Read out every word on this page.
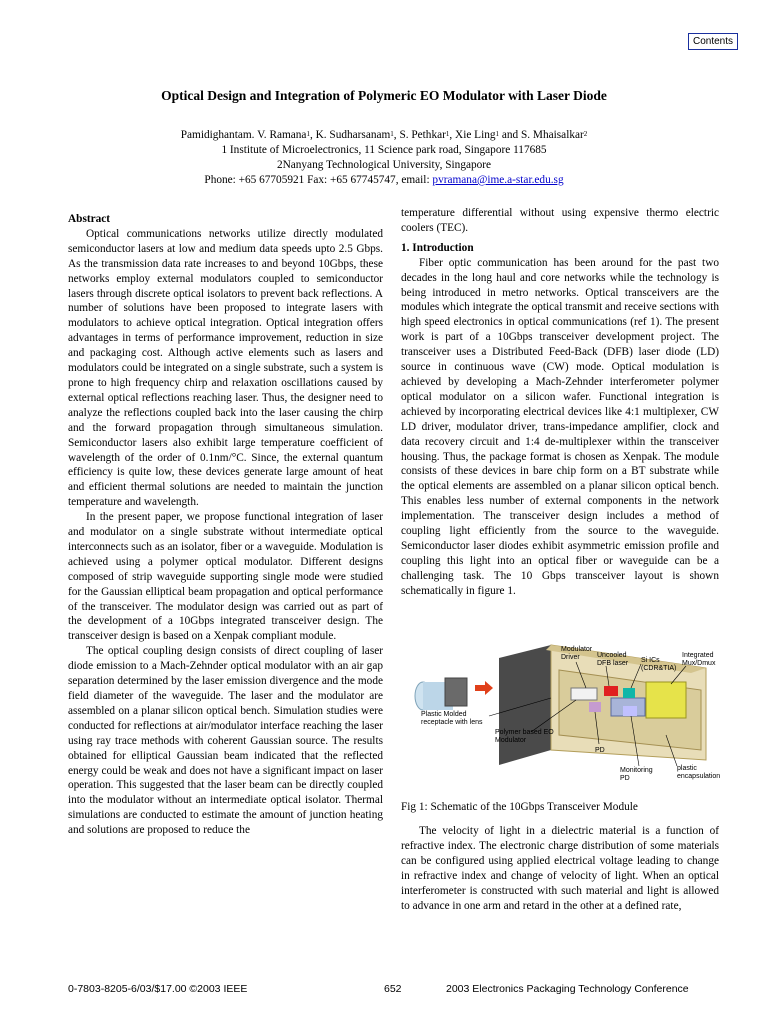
Contents
Optical Design and Integration of Polymeric EO Modulator with Laser Diode
Pamidighantam. V. Ramana$^1$, K. Sudharsanam$^1$, S. Pethkar$^1$, Xie Ling$^1$ and S. Mhaisalkar$^2$
1 Institute of Microelectronics, 11 Science park road, Singapore 117685
2Nanyang Technological University, Singapore
Phone: +65 67705921 Fax: +65 67745747, email: pvramana@ime.a-star.edu.sg
Abstract

Optical communications networks utilize directly modulated semiconductor lasers at low and medium data speeds upto 2.5 Gbps. As the transmission data rate increases to and beyond 10Gbps, these networks employ external modulators coupled to semiconductor lasers through discrete optical isolators to prevent back reflections. A number of solutions have been proposed to integrate lasers with modulators to achieve optical integration. Optical integration offers advantages in terms of performance improvement, reduction in size and packaging cost. Although active elements such as lasers and modulators could be integrated on a single substrate, such a system is prone to high frequency chirp and relaxation oscillations caused by external optical reflections reaching laser. Thus, the designer need to analyze the reflections coupled back into the laser causing the chirp and the forward propagation through simultaneous simulation. Semiconductor lasers also exhibit large temperature coefficient of wavelength of the order of 0.1nm/°C. Since, the external quantum efficiency is quite low, these devices generate large amount of heat and efficient thermal solutions are needed to maintain the junction temperature and wavelength.

In the present paper, we propose functional integration of laser and modulator on a single substrate without intermediate optical interconnects such as an isolator, fiber or a waveguide. Modulation is achieved using a polymer optical modulator. Different designs composed of strip waveguide supporting single mode were studied for the Gaussian elliptical beam propagation and optical performance of the transceiver. The modulator design was carried out as part of the development of a 10Gbps integrated transceiver design. The transceiver design is based on a Xenpak compliant module.

The optical coupling design consists of direct coupling of laser diode emission to a Mach-Zehnder optical modulator with an air gap separation determined by the laser emission divergence and the mode field diameter of the waveguide. The laser and the modulator are assembled on a planar silicon optical bench. Simulation studies were conducted for reflections at air/modulator interface reaching the laser using ray trace methods with coherent Gaussian source. The results obtained for elliptical Gaussian beam indicated that the reflected energy could be weak and does not have a significant impact on laser operation. This suggested that the laser beam can be directly coupled into the modulator without an intermediate optical isolator. Thermal simulations are conducted to estimate the amount of junction heating and solutions are proposed to reduce the

temperature differential without using expensive thermo electric coolers (TEC).

1. Introduction

Fiber optic communication has been around for the past two decades in the long haul and core networks while the technology is being introduced in metro networks. Optical transceivers are the modules which integrate the optical transmit and receive sections with high speed electronics in optical communications (ref 1). The present work is part of a 10Gbps transceiver development project. The transceiver uses a Distributed Feed-Back (DFB) laser diode (LD) source in continuous wave (CW) mode. Optical modulation is achieved by developing a Mach-Zehnder interferometer polymer optical modulator on a silicon wafer. Functional integration is achieved by incorporating electrical devices like 4:1 multiplexer, CW LD driver, modulator driver, trans-impedance amplifier, clock and data recovery circuit and 1:4 de-multiplexer within the transceiver housing. Thus, the package format is chosen as Xenpak. The module consists of these devices in bare chip form on a BT substrate while the optical elements are assembled on a planar silicon optical bench. This enables less number of external components in the network implementation. The transceiver design includes a method of coupling light efficiently from the source to the waveguide. Semiconductor laser diodes exhibit asymmetric emission profile and coupling this light into an optical fiber or waveguide can be a challenging task. The 10 Gbps transceiver layout is shown schematically in figure 1.

Modulator Driver	Uncooled DFB laser Si ICs (CDR&TIA)
Integrated Mux/Dmux
Plastic Molded receptacle with lens
Polymer based EO Modulator
PD
Monitoring PD
plastic encapsulation
Fig 1: Schematic of the 10Gbps Transceiver Module

The velocity of light in a dielectric material is a function of refractive index. The electronic charge distribution of some materials can be configured using applied electrical voltage leading to change in refractive index and change of velocity of light. When an optical interferometer is constructed with such material and light is allowed to advance in one arm and retard in the other at a defined rate,

0-7803-8205-6/03/$17.00 ©2003 IEEE	652	2003 Electronics Packaging Technology Conference
